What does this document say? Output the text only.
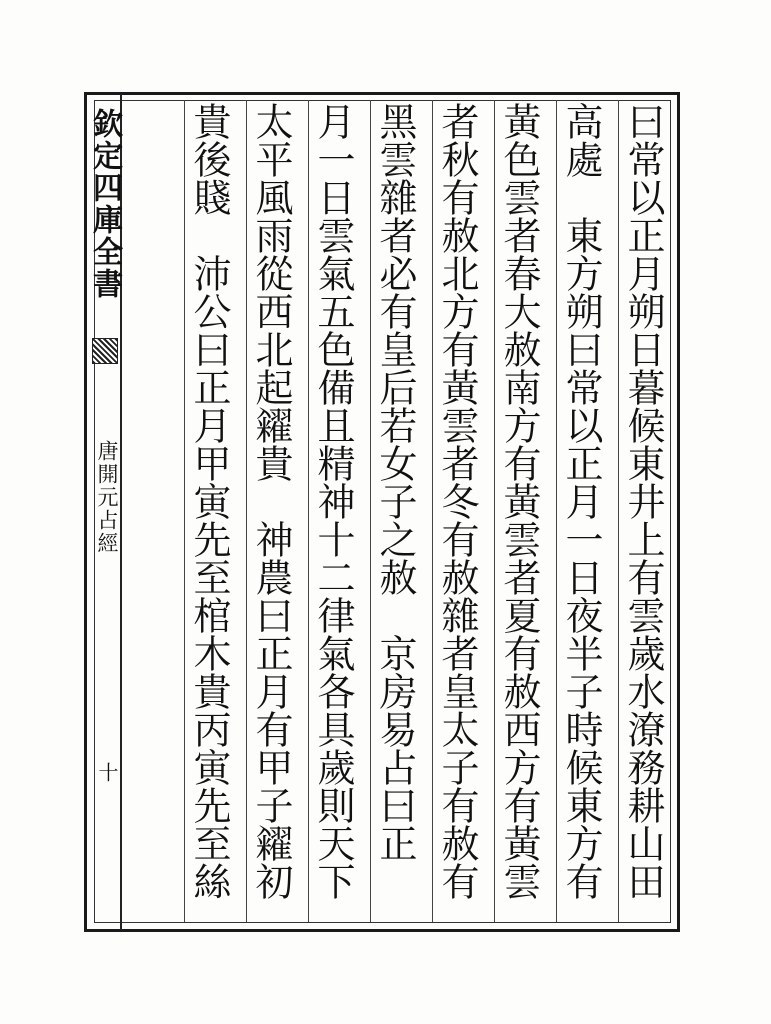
欽定四庫全書
唐開元占經
十	曰常以正月朔日暮候東井上有雲歲水潦務耕山田
高處　東方朔曰常以正月一日夜半子時候東方有
黃色雲者春大赦南方有黃雲者夏有赦西方有黃雲
者秋有赦北方有黃雲者冬有赦雜者皇太子有赦有
黑雲雜者必有皇后若女子之赦　京房易占曰正
月一日雲氣五色備且精神十二律氣各具歲則天下
太平風雨從西北起糴貴　神農曰正月有甲子糴初
貴後賤　沛公曰正月甲寅先至棺木貴丙寅先至絲
